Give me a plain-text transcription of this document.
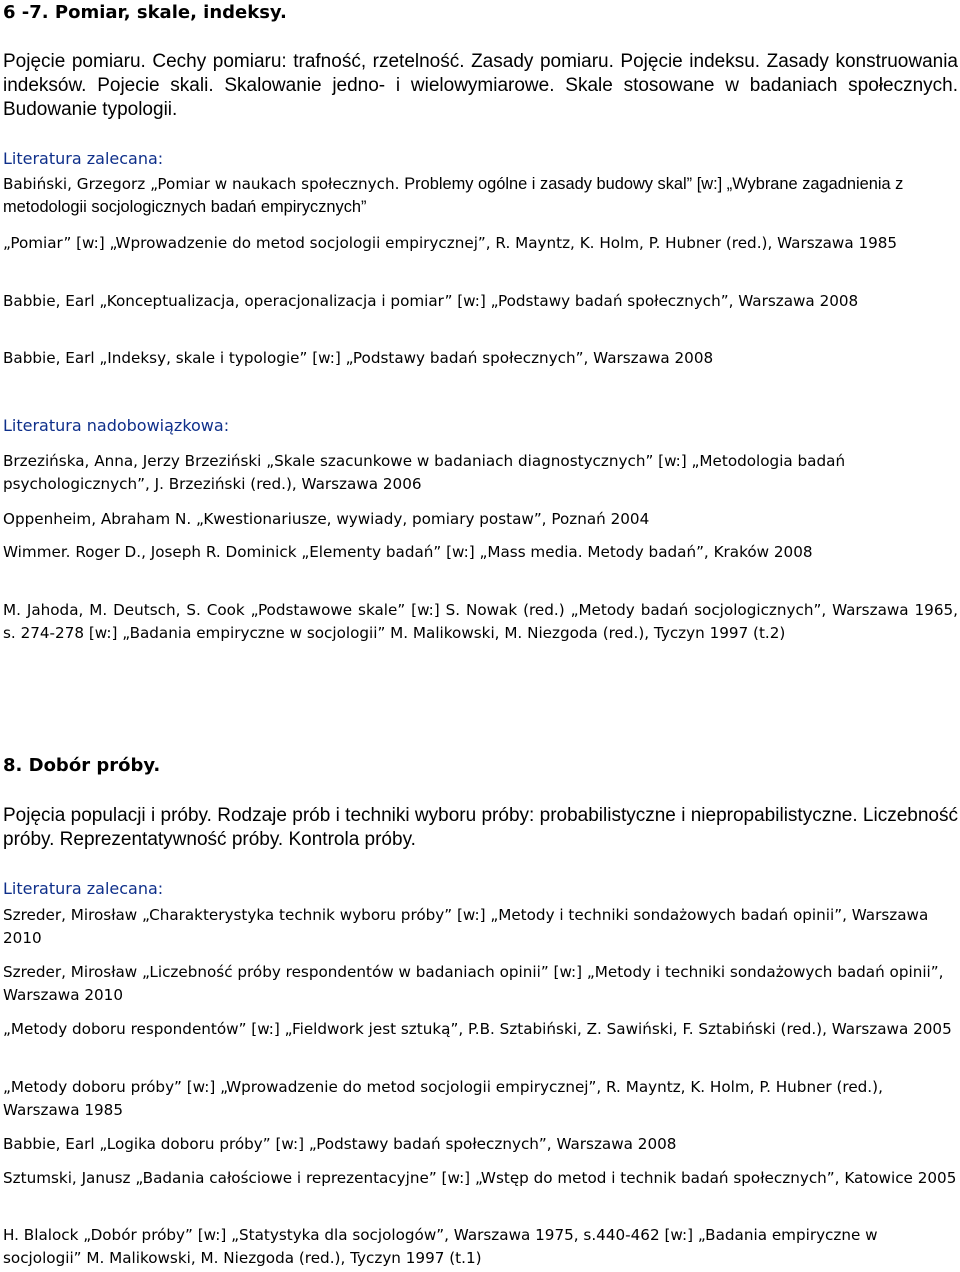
6 -7. Pomiar, skale, indeksy.

Pojęcie pomiaru. Cechy pomiaru: trafność, rzetelność. Zasady pomiaru. Pojęcie indeksu. Zasady konstruowania indeksów. Pojecie skali. Skalowanie jedno- i wielowymiarowe. Skale stosowane w badaniach społecznych. Budowanie typologii.

Literatura zalecana:

Babiński, Grzegorz „Pomiar w naukach społecznych. Problemy ogólne i zasady budowy skal” [w:] „Wybrane zagadnienia z metodologii socjologicznych badań empirycznych”

„Pomiar” [w:] „Wprowadzenie do metod socjologii empirycznej”, R. Mayntz, K. Holm, P. Hubner (red.), Warszawa 1985

Babbie, Earl „Konceptualizacja, operacjonalizacja i pomiar” [w:] „Podstawy badań społecznych”, Warszawa 2008

Babbie, Earl „Indeksy, skale i typologie” [w:] „Podstawy badań społecznych”, Warszawa 2008

Literatura nadobowiązkowa:

Brzezińska, Anna, Jerzy Brzeziński „Skale szacunkowe w badaniach diagnostycznych” [w:] „Metodologia badań psychologicznych”, J. Brzeziński (red.), Warszawa 2006

Oppenheim, Abraham N. „Kwestionariusze, wywiady, pomiary postaw”, Poznań 2004

Wimmer. Roger D., Joseph R. Dominick „Elementy badań” [w:] „Mass media. Metody badań”, Kraków 2008

M. Jahoda, M. Deutsch, S. Cook „Podstawowe skale” [w:] S. Nowak (red.) „Metody badań socjologicznych”, Warszawa 1965, s. 274-278 [w:] „Badania empiryczne w socjologii” M. Malikowski, M. Niezgoda (red.), Tyczyn 1997 (t.2)

8. Dobór próby.

Pojęcia populacji i próby. Rodzaje prób i techniki wyboru próby: probabilistyczne i niepropabilistyczne. Liczebność próby. Reprezentatywność próby. Kontrola próby.

Literatura zalecana:

Szreder, Mirosław „Charakterystyka technik wyboru próby” [w:] „Metody i techniki sondażowych badań opinii”, Warszawa 2010

Szreder, Mirosław „Liczebność próby respondentów w badaniach opinii” [w:] „Metody i techniki sondażowych badań opinii”, Warszawa 2010

„Metody doboru respondentów” [w:] „Fieldwork jest sztuką”, P.B. Sztabiński, Z. Sawiński, F. Sztabiński (red.), Warszawa 2005

„Metody doboru próby” [w:] „Wprowadzenie do metod socjologii empirycznej”, R. Mayntz, K. Holm, P. Hubner (red.), Warszawa 1985

Babbie, Earl „Logika doboru próby” [w:] „Podstawy badań społecznych”, Warszawa 2008

Sztumski, Janusz „Badania całościowe i reprezentacyjne” [w:] „Wstęp do metod i technik badań społecznych”, Katowice 2005

H. Blalock „Dobór próby” [w:] „Statystyka dla socjologów”, Warszawa 1975, s.440-462 [w:] „Badania empiryczne w socjologii” M. Malikowski, M. Niezgoda (red.), Tyczyn 1997 (t.1)
